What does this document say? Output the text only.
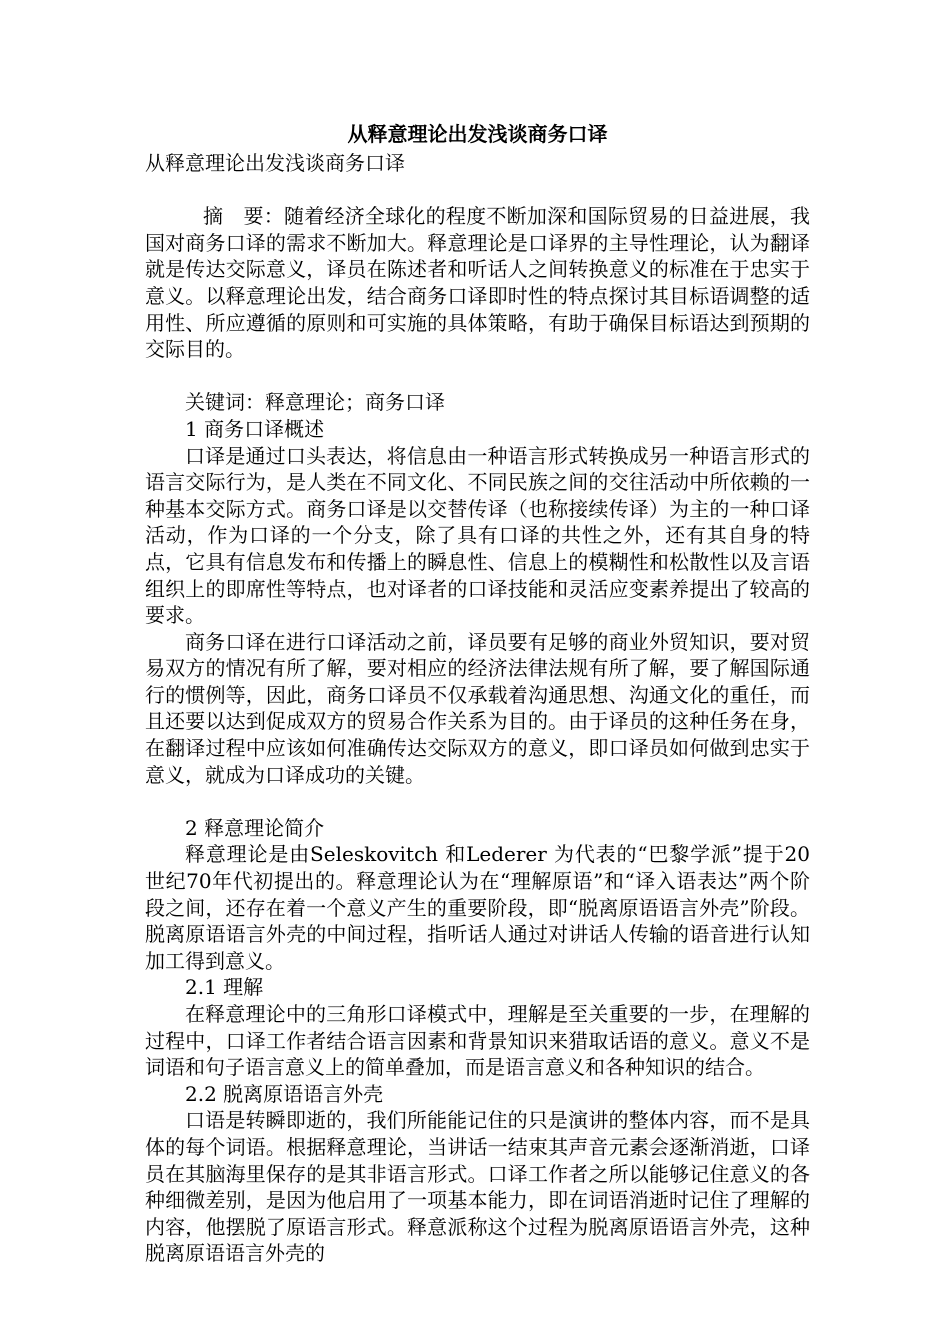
从释意理论出发浅谈商务口译
从释意理论出发浅谈商务口译

摘　要：随着经济全球化的程度不断加深和国际贸易的日益进展，我国对商务口译的需求不断加大。释意理论是口译界的主导性理论，认为翻译就是传达交际意义，译员在陈述者和听话人之间转换意义的标准在于忠实于意义。以释意理论出发，结合商务口译即时性的特点探讨其目标语调整的适用性、所应遵循的原则和可实施的具体策略，有助于确保目标语达到预期的交际目的。

关键词：释意理论；商务口译
1 商务口译概述

口译是通过口头表达，将信息由一种语言形式转换成另一种语言形式的语言交际行为，是人类在不同文化、不同民族之间的交往活动中所依赖的一种基本交际方式。商务口译是以交替传译（也称接续传译）为主的一种口译活动，作为口译的一个分支，除了具有口译的共性之外，还有其自身的特点，它具有信息发布和传播上的瞬息性、信息上的模糊性和松散性以及言语组织上的即席性等特点，也对译者的口译技能和灵活应变素养提出了较高的要求。

商务口译在进行口译活动之前，译员要有足够的商业外贸知识，要对贸易双方的情况有所了解，要对相应的经济法律法规有所了解，要了解国际通行的惯例等，因此，商务口译员不仅承载着沟通思想、沟通文化的重任，而且还要以达到促成双方的贸易合作关系为目的。由于译员的这种任务在身，在翻译过程中应该如何准确传达交际双方的意义，即口译员如何做到忠实于意义，就成为口译成功的关键。

2 释意理论简介

释意理论是由Seleskovitch 和Lederer 为代表的“巴黎学派”提于20 世纪70年代初提出的。释意理论认为在“理解原语”和“译入语表达”两个阶段之间，还存在着一个意义产生的重要阶段，即“脱离原语语言外壳”阶段。脱离原语语言外壳的中间过程，指听话人通过对讲话人传输的语音进行认知加工得到意义。

2.1 理解

在释意理论中的三角形口译模式中，理解是至关重要的一步，在理解的过程中，口译工作者结合语言因素和背景知识来猎取话语的意义。意义不是词语和句子语言意义上的简单叠加，而是语言意义和各种知识的结合。

2.2 脱离原语语言外壳

口语是转瞬即逝的，我们所能能记住的只是演讲的整体内容，而不是具体的每个词语。根据释意理论，当讲话一结束其声音元素会逐渐消逝，口译员在其脑海里保存的是其非语言形式。口译工作者之所以能够记住意义的各种细微差别，是因为他启用了一项基本能力，即在词语消逝时记住了理解的内容，他摆脱了原语言形式。释意派称这个过程为脱离原语语言外壳，这种脱离原语语言外壳的
